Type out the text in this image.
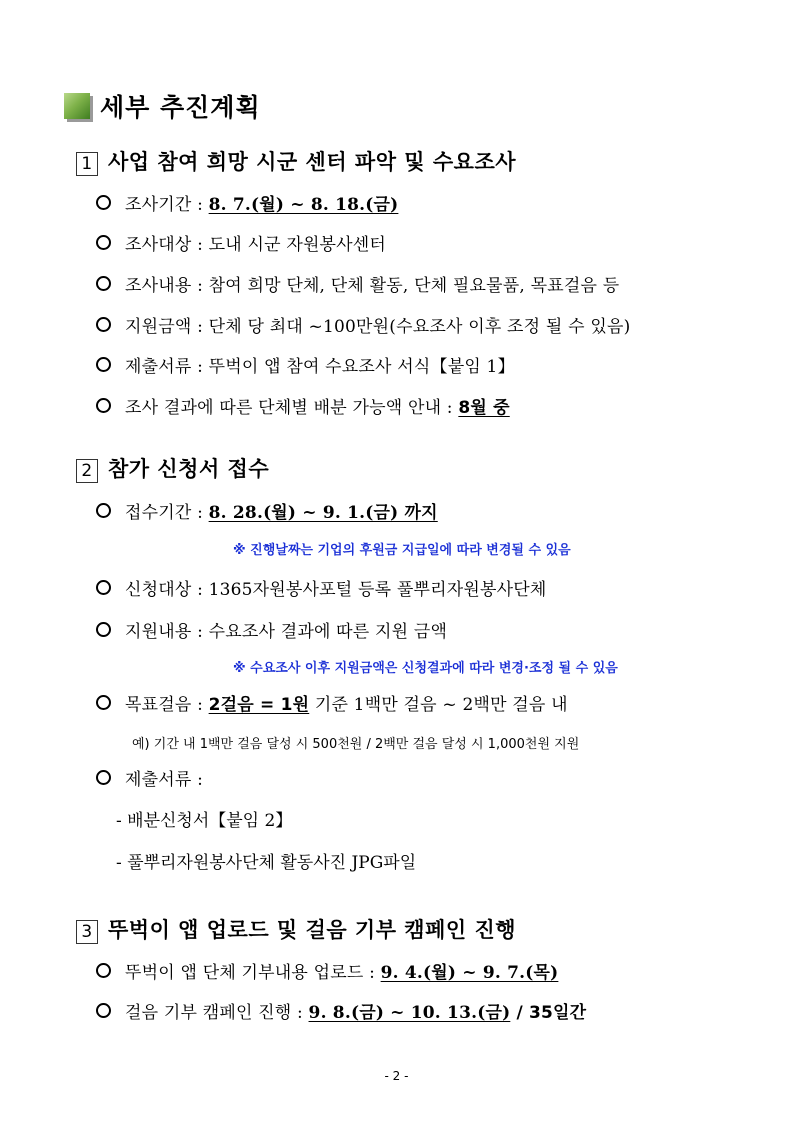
세부 추진계획
1 사업 참여 희망 시군 센터 파악 및 수요조사
조사기간 : 8. 7.(월) ~ 8. 18.(금)
조사대상 : 도내 시군 자원봉사센터
조사내용 : 참여 희망 단체, 단체 활동, 단체 필요물품, 목표걸음 등
지원금액 : 단체 당 최대 ~100만원(수요조사 이후 조정 될 수 있음)
제출서류 : 뚜벅이 앱 참여 수요조사 서식【붙임 1】
조사 결과에 따른 단체별 배분 가능액 안내 : 8월 중
2 참가 신청서 접수
접수기간 : 8. 28.(월) ~ 9. 1.(금) 까지
※ 진행날짜는 기업의 후원금 지급일에 따라 변경될 수 있음
신청대상 : 1365자원봉사포털 등록 풀뿌리자원봉사단체
지원내용 : 수요조사 결과에 따른 지원 금액
※ 수요조사 이후 지원금액은 신청결과에 따라 변경·조정 될 수 있음
목표걸음 : 2걸음 = 1원 기준 1백만 걸음 ~ 2백만 걸음 내
예) 기간 내 1백만 걸음 달성 시 500천원 / 2백만 걸음 달성 시 1,000천원 지원
제출서류 :
- 배분신청서【붙임 2】
- 풀뿌리자원봉사단체 활동사진 JPG파일
3 뚜벅이 앱 업로드 및 걸음 기부 캠페인 진행
뚜벅이 앱 단체 기부내용 업로드 : 9. 4.(월) ~ 9. 7.(목)
걸음 기부 캠페인 진행 : 9. 8.(금) ~ 10. 13.(금) / 35일간
- 2 -
